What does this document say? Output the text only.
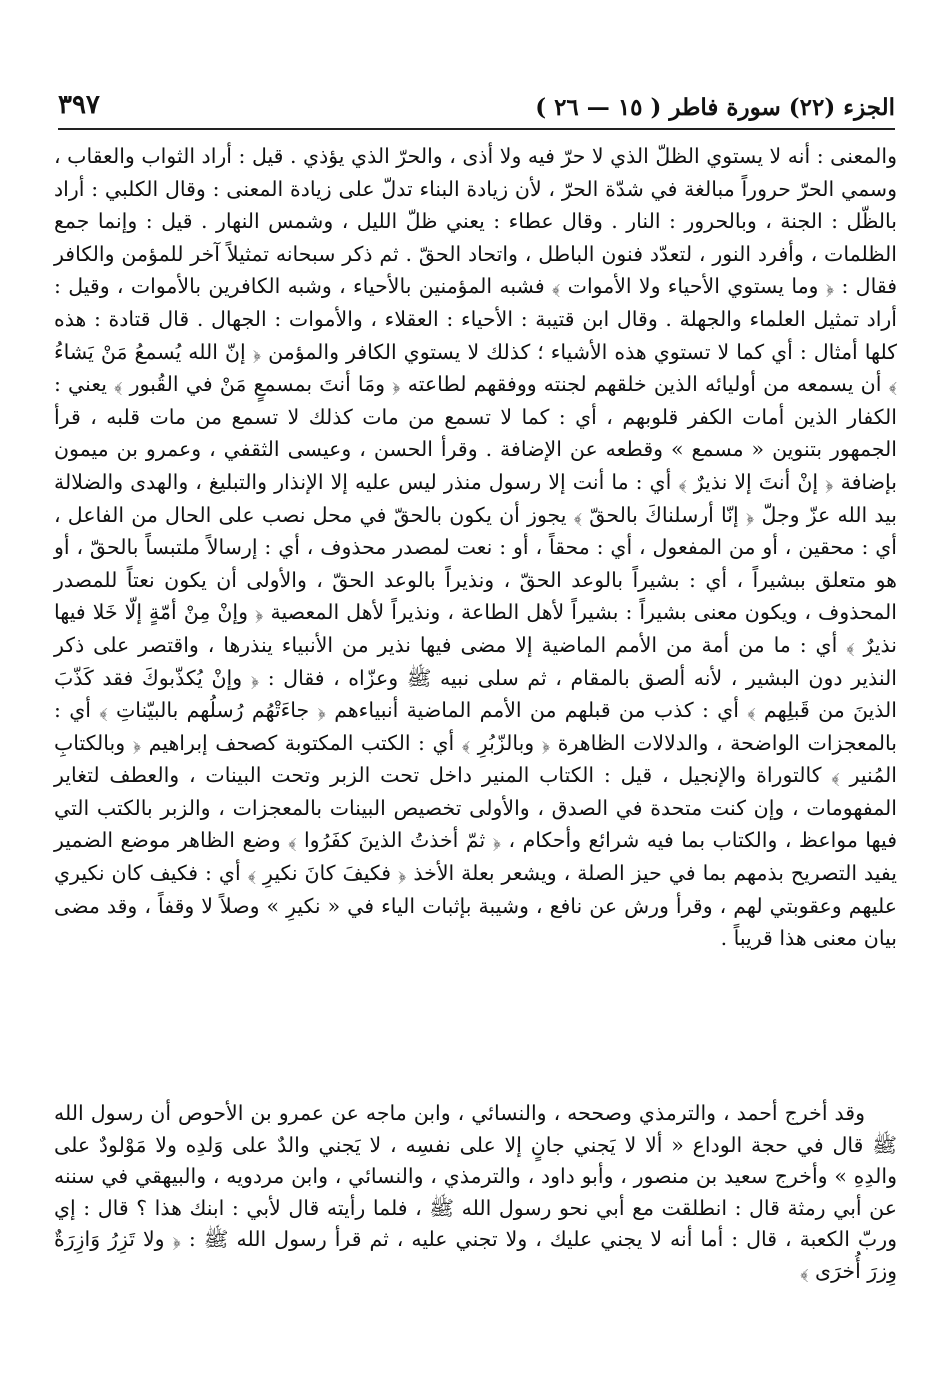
الجزء (٢٢) سورة فاطر ( ١٥ — ٢٦ )
٣٩٧

والمعنى : أنه لا يستوي الظلّ الذي لا حرّ فيه ولا أذى ، والحرّ الذي يؤذي . قيل : أراد الثواب والعقاب ، وسمي الحرّ حروراً مبالغة في شدّة الحرّ ، لأن زيادة البناء تدلّ على زيادة المعنى : وقال الكلبي : أراد بالظّل : الجنة ، وبالحرور : النار . وقال عطاء : يعني ظلّ الليل ، وشمس النهار . قيل : وإنما جمع الظلمات ، وأفرد النور ، لتعدّد فنون الباطل ، واتحاد الحقّ . ثم ذكر سبحانه تمثيلاً آخر للمؤمن والكافر فقال : ﴿ وما يستوي الأحياء ولا الأموات ﴾ فشبه المؤمنين بالأحياء ، وشبه الكافرين بالأموات ، وقيل : أراد تمثيل العلماء والجهلة . وقال ابن قتيبة : الأحياء : العقلاء ، والأموات : الجهال . قال قتادة : هذه كلها أمثال : أي كما لا تستوي هذه الأشياء ؛ كذلك لا يستوي الكافر والمؤمن ﴿ إنّ الله يُسمعُ مَنْ يَشاءُ ﴾ أن يسمعه من أوليائه الذين خلقهم لجنته ووفقهم لطاعته ﴿ ومَا أنتَ بمسمعٍ مَنْ في القُبور ﴾ يعني : الكفار الذين أمات الكفر قلوبهم ، أي : كما لا تسمع من مات كذلك لا تسمع من مات قلبه ، قرأ الجمهور بتنوين « مسمع » وقطعه عن الإضافة . وقرأ الحسن ، وعيسى الثقفي ، وعمرو بن ميمون بإضافة ﴿ إنْ أنتَ إلا نذيرٌ ﴾ أي : ما أنت إلا رسول منذر ليس عليه إلا الإنذار والتبليغ ، والهدى والضلالة بيد الله عزّ وجلّ ﴿ إنّا أرسلناكَ بالحقّ ﴾ يجوز أن يكون بالحقّ في محل نصب على الحال من الفاعل ، أي : محقين ، أو من المفعول ، أي : محقاً ، أو : نعت لمصدر محذوف ، أي : إرسالاً ملتبساً بالحقّ ، أو هو متعلق ببشيراً ، أي : بشيراً بالوعد الحقّ ، ونذيراً بالوعد الحقّ ، والأولى أن يكون نعتاً للمصدر المحذوف ، ويكون معنى بشيراً : بشيراً لأهل الطاعة ، ونذيراً لأهل المعصية ﴿ وإنْ مِنْ أمّةٍ إلّا خَلا فيها نذيرٌ ﴾ أي : ما من أمة من الأمم الماضية إلا مضى فيها نذير من الأنبياء ينذرها ، واقتصر على ذكر النذير دون البشير ، لأنه ألصق بالمقام ، ثم سلى نبيه ﷺ وعزّاه ، فقال : ﴿ وإنْ يُكذّبوكَ فقد كَذّبَ الذينَ من قَبلِهم ﴾ أي : كذب من قبلهم من الأمم الماضية أنبياءهم ﴿ جاءَتْهُم رُسلُهم بالبيّناتِ ﴾ أي : بالمعجزات الواضحة ، والدلالات الظاهرة ﴿ وبالزّبُرِ ﴾ أي : الكتب المكتوبة كصحف إبراهيم ﴿ وبالكتابِ المُنير ﴾ كالتوراة والإنجيل ، قيل : الكتاب المنير داخل تحت الزبر وتحت البينات ، والعطف لتغاير المفهومات ، وإن كنت متحدة في الصدق ، والأولى تخصيص البينات بالمعجزات ، والزبر بالكتب التي فيها مواعظ ، والكتاب بما فيه شرائع وأحكام ، ﴿ ثمّ أخذتُ الذينَ كفَرُوا ﴾ وضع الظاهر موضع الضمير يفيد التصريح بذمهم بما في حيز الصلة ، ويشعر بعلة الأخذ ﴿ فكيفَ كانَ نكيرِ ﴾ أي : فكيف كان نكيري عليهم وعقوبتي لهم ، وقرأ ورش عن نافع ، وشيبة بإثبات الياء في « نكيرِ » وصلاً لا وقفاً ، وقد مضى بيان معنى هذا قريباً .

وقد أخرج أحمد ، والترمذي وصححه ، والنسائي ، وابن ماجه عن عمرو بن الأحوص أن رسول الله ﷺ قال في حجة الوداع « ألا لا يَجني جانٍ إلا على نفسِه ، لا يَجني والدٌ على وَلدِه ولا مَوْلودٌ على والدِهِ » وأخرج سعيد بن منصور ، وأبو داود ، والترمذي ، والنسائي ، وابن مردويه ، والبيهقي في سننه عن أبي رمثة قال : انطلقت مع أبي نحو رسول الله ﷺ ، فلما رأيته قال لأبي : ابنك هذا ؟ قال : إي وربّ الكعبة ، قال : أما أنه لا يجني عليك ، ولا تجني عليه ، ثم قرأ رسول الله ﷺ : ﴿ ولا تَزِرُ وَازِرَةٌ وِزرَ أُخرَى ﴾
